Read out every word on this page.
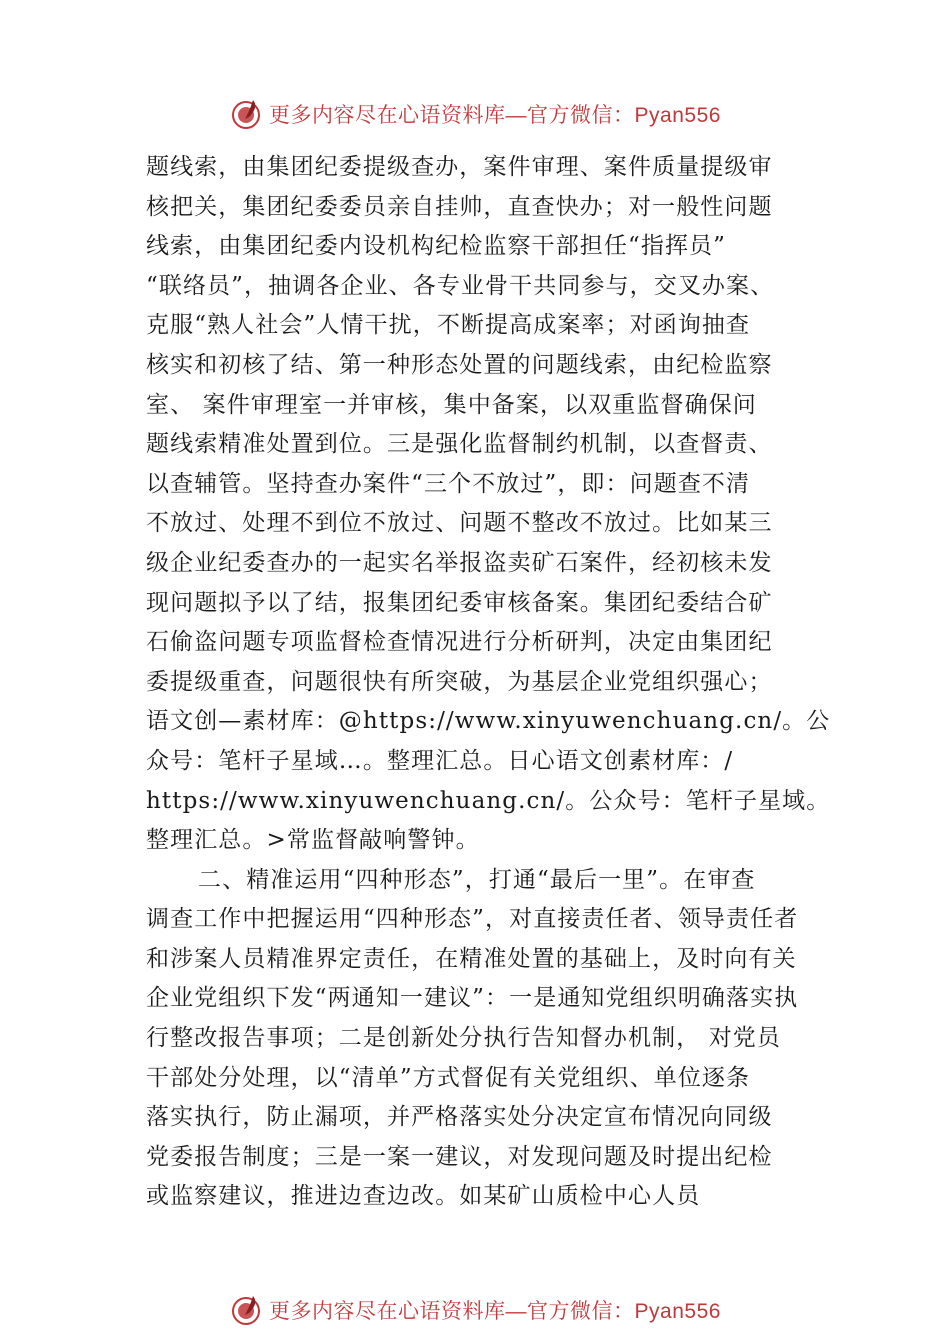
更多内容尽在心语资料库—官方微信：Pyan556
题线索，由集团纪委提级查办，案件审理、案件质量提级审
核把关，集团纪委委员亲自挂帅，直查快办；对一般性问题
线索，由集团纪委内设机构纪检监察干部担任“指挥员”
“联络员”，抽调各企业、各专业骨干共同参与，交叉办案、
克服“熟人社会”人情干扰，不断提高成案率；对函询抽查
核实和初核了结、第一种形态处置的问题线索，由纪检监察
室、 案件审理室一并审核，集中备案，以双重监督确保问
题线索精准处置到位。三是强化监督制约机制，以查督责、
以查辅管。坚持查办案件“三个不放过”，即：问题查不清
不放过、处理不到位不放过、问题不整改不放过。比如某三
级企业纪委查办的一起实名举报盗卖矿石案件，经初核未发
现问题拟予以了结，报集团纪委审核备案。集团纪委结合矿
石偷盗问题专项监督检查情况进行分析研判，决定由集团纪
委提级重查，问题很快有所突破，为基层企业党组织强心；
语文创—素材库：@https://www.xinyuwenchuang.cn/。公
众号：笔杆子星域…。整理汇总。日心语文创素材库：/
https://www.xinyuwenchuang.cn/。公众号：笔杆子星域。
整理汇总。>常监督敲响警钟。
二、精准运用“四种形态”，打通“最后一里”。在审查
调查工作中把握运用“四种形态”，对直接责任者、领导责任者
和涉案人员精准界定责任，在精准处置的基础上，及时向有关
企业党组织下发“两通知一建议”：一是通知党组织明确落实执
行整改报告事项；二是创新处分执行告知督办机制， 对党员
干部处分处理，以“清单”方式督促有关党组织、单位逐条
落实执行，防止漏项，并严格落实处分决定宣布情况向同级
党委报告制度；三是一案一建议，对发现问题及时提出纪检
或监察建议，推进边查边改。如某矿山质检中心人员
更多内容尽在心语资料库—官方微信：Pyan556
